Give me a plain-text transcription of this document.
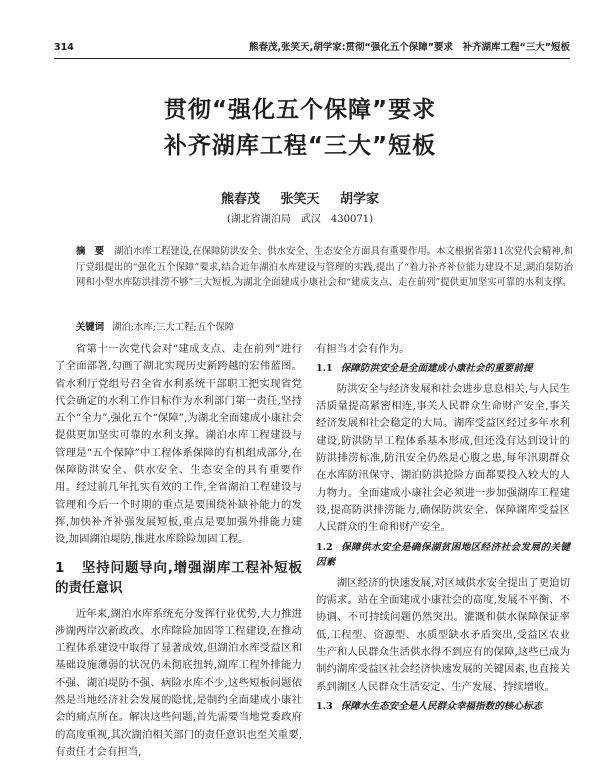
314	熊春茂,张笑天,胡学家:贯彻“强化五个保障”要求　补齐湖库工程“三大”短板
贯彻“强化五个保障”要求
补齐湖库工程“三大”短板
熊春茂 张笑天 胡学家
(湖北省湖泊局　武汉　430071)
摘　要 湖泊水库工程建设,在保障防洪安全、供水安全、生态安全方面具有重要作用。本文根据省第11次党代会精神,和厅党组提出的“强化五个保障”要求,结合近年湖泊水库建设与管理的实践,提出了“着力补齐补位能力建设不足,湖泊泵防治网和小型水库防洪排涝不够”三大短板,为湖北全面建成小康社会和“建成支点、走在前列”提供更加坚实可靠的水利支撑。
关键词 湖泊;水库;三大工程;五个保障

省第十一次党代会对“建成支点、走在前列”进行了全面部署,勾画了湖北实现历史新跨越的宏伟蓝图。省水利厅党组号召全省水利系统干部职工把实现省党代会确定的水利工作目标作为水利部门第一责任,坚持五个“全力”,强化五个“保障”,为湖北全面建成小康社会提供更加坚实可靠的水利支撑。湖泊水库工程建设与管理是“五个保障”中工程体系保障的有机组成部分,在保障防洪安全、供水安全、生态安全的具有重要作用。经过前几年扎实有效的工作,全省湖泊工程建设与管理和今后一个时期的重点是要围绕补缺补能力的发挥,加快补齐补强发展短板,重点是要加强外排能力建设,加固湖泊堤防,推进水库除险加固工程。

1 坚持问题导向,增强湖库工程补短板的责任意识

近年来,湖泊水库系统充分发挥行业优势,大力推进涉湖两岸次新政改、水库除险加固等工程建设,在推动工程体系建设中取得了显著成效,但湖泊水库受益区和基础设施薄弱的状况仍未彻底扭转,湖库工程外排能力不强、湖泊堤防不强、病险水库不少,这些短板问题依然是当地经济社会发展的隐忧,是制约全面建成小康社会的痛点所在。解决这些问题,首先需要当地党委政府的高度重视,其次湖泊相关部门的责任意识也至关重要,有责任才会有担当,

有担当才会有作为。

1.1 保障防洪安全是全面建成小康社会的重要前提

防洪安全与经济发展和社会进步息息相关,与人民生活质量提高紧密相连,事关人民群众生命财产安全,事关经济发展和社会稳定的大局。湖库受益区经过多年水利建设,防洪防旱工程体系基本形成,但还没有达到设计的防洪排涝标准,防汛安全仍然是心腹之患,每年汛期群众在水库防汛保守、湖泊防洪抢险方面都要投入较大的人力物力。全面建成小康社会必须进一步加强湖库工程建设,提高防洪排涝能力,确保防洪安全、保障湖库受益区人民群众的生命和财产安全。

1.2 保障供水安全是确保湖贫困地区经济社会发展的关键因素

湖区经济的快速发展,对区域供水安全提出了更迫切的需求。站在全面建成小康社会的高度,发展不平衡、不协调、不可持续问题仍然突出。灌溉和供水保障保证率低,工程型、资源型、水质型缺水矛盾突出,受益区农业生产和人民群众生活供水得不到应有的保障,这些已成为制约湖库受益区社会经济快速发展的关键因素,也直接关系到湖区人民群众生活安定、生产发展、持续增收。

1.3 保障水生态安全是人民群众幸福指数的核心标志
